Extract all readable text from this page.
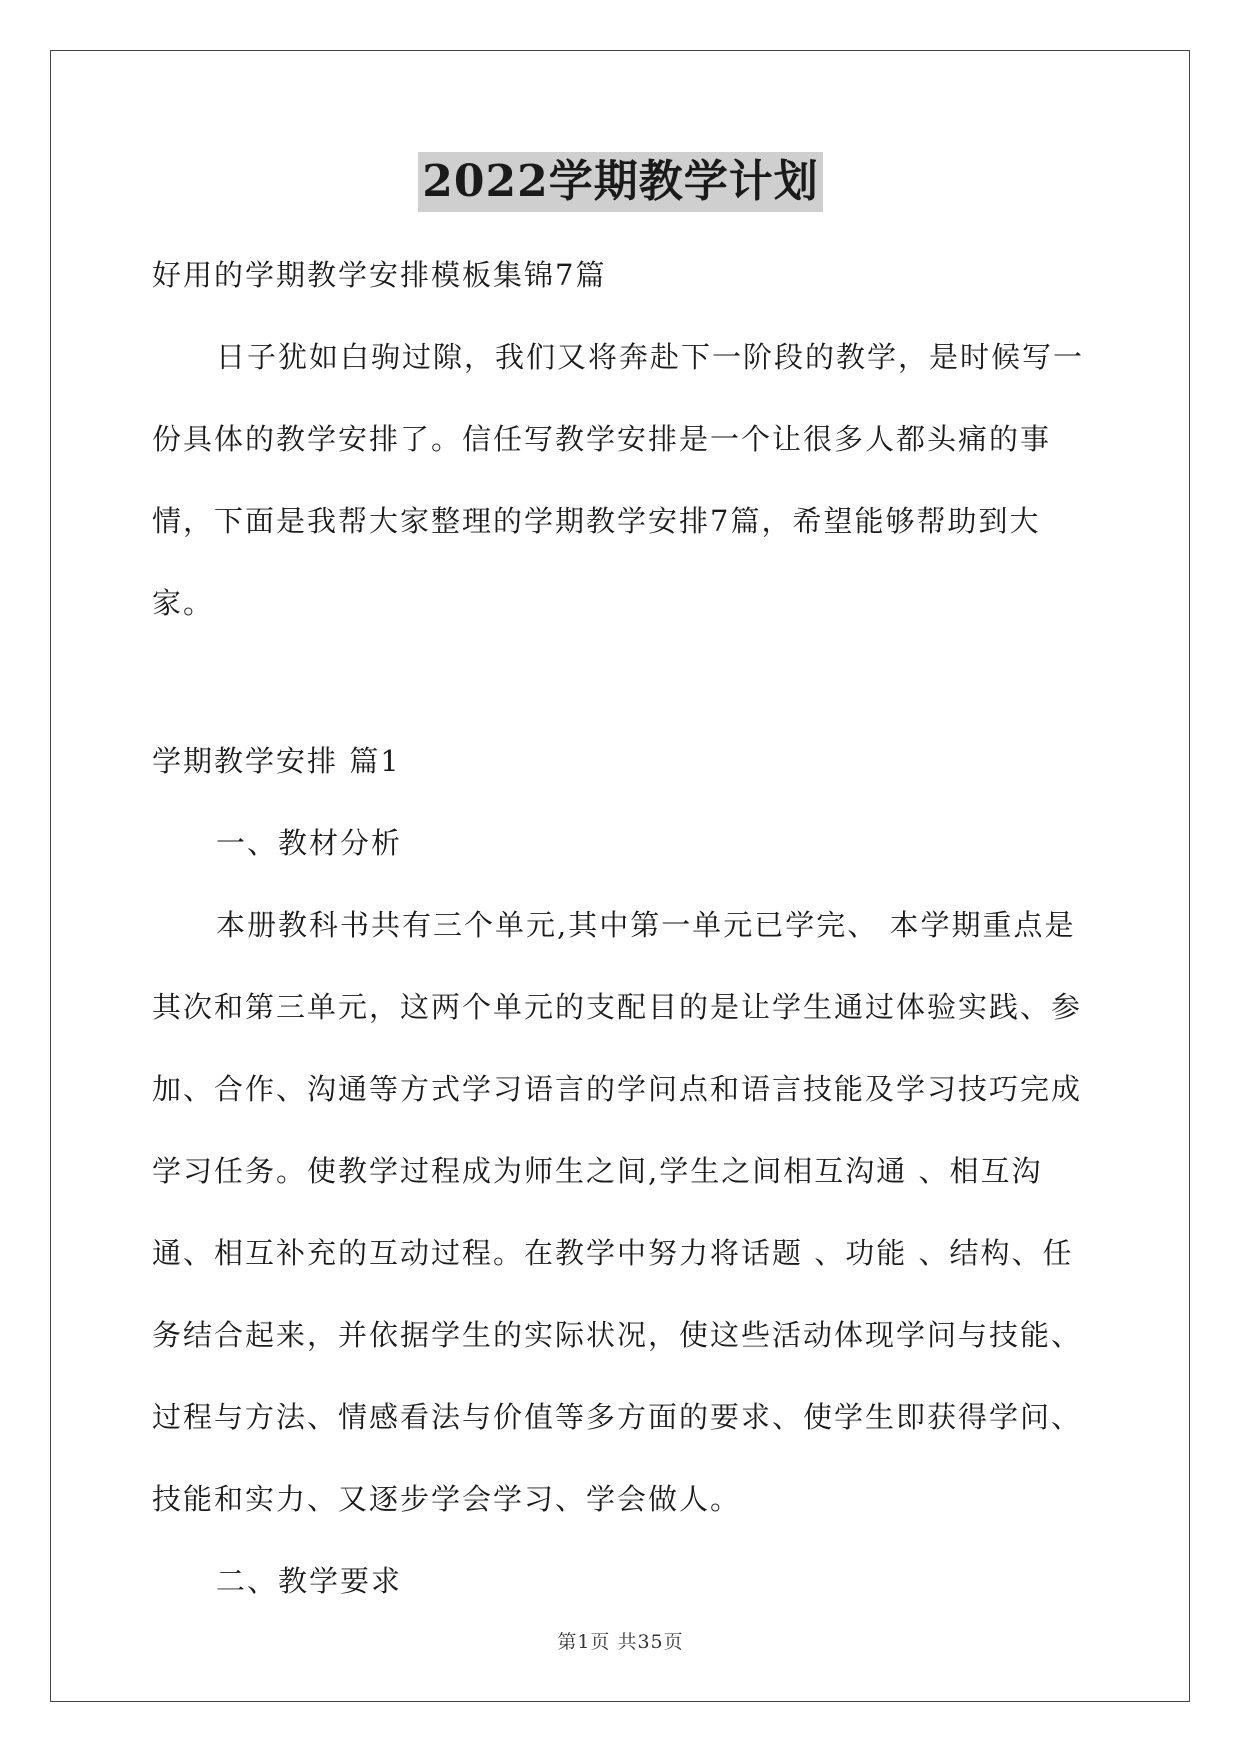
2022学期教学计划

好用的学期教学安排模板集锦7篇

日子犹如白驹过隙，我们又将奔赴下一阶段的教学，是时候写一份具体的教学安排了。信任写教学安排是一个让很多人都头痛的事情，下面是我帮大家整理的学期教学安排7篇，希望能够帮助到大家。

学期教学安排 篇1

一、教材分析

本册教科书共有三个单元,其中第一单元已学完、 本学期重点是其次和第三单元，这两个单元的支配目的是让学生通过体验实践、参加、合作、沟通等方式学习语言的学问点和语言技能及学习技巧完成学习任务。使教学过程成为师生之间,学生之间相互沟通 、相互沟通、相互补充的互动过程。在教学中努力将话题 、功能 、结构、任务结合起来，并依据学生的实际状况，使这些活动体现学问与技能、过程与方法、情感看法与价值等多方面的要求、使学生即获得学问、技能和实力、又逐步学会学习、学会做人。

二、教学要求

第1页 共35页
